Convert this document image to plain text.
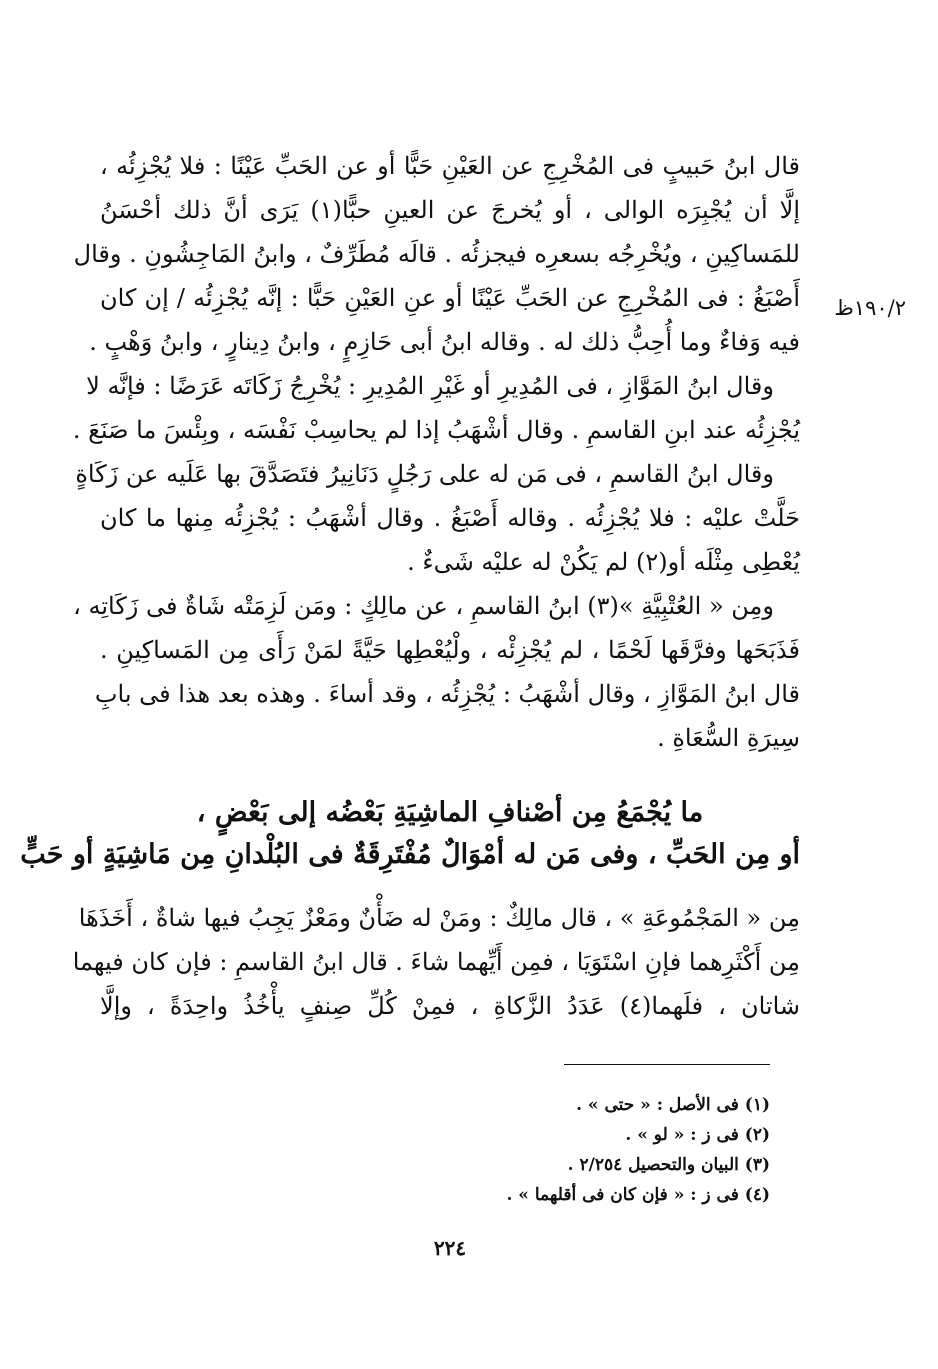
١٩٠/٢ظ
قال ابنُ حَبيبٍ فى المُخْرِجِ عن العَيْنِ حَبًّا أو عن الحَبِّ عَيْنًا : فلا يُجْزِئُه ،
إلَّا أن يُجْبِرَه الوالى ، أو يُخرجَ عن العينِ حبًّا(١) يَرَى أنَّ ذلك أحْسَنُ
للمَساكِينِ ، ويُخْرِجُه بسعرِه فيجزئُه . قالَه مُطَرِّفٌ ، وابنُ المَاجِشُونِ . وقال
أَصْبَغُ : فى المُخْرِجِ عن الحَبِّ عَيْنًا أو عنِ العَيْنِ حَبًّا : إنَّه يُجْزِئُه / إن كان
فيه وَفاءٌ وما أُحِبُّ ذلك له . وقاله ابنُ أبى حَازِمٍ ، وابنُ دِينارٍ ، وابنُ وَهْبٍ .
وقال ابنُ المَوَّازِ ، فى المُدِيرِ أو غَيْرِ المُدِيرِ : يُخْرِجُ زَكَاتَه عَرَضًا : فإنَّه لا
يُجْزِئُه عند ابنِ القاسمِ . وقال أشْهَبُ إذا لم يحاسِبْ نَفْسَه ، وبِئْسَ ما صَنَعَ .
وقال ابنُ القاسمِ ، فى مَن له على رَجُلٍ دَنَانِيرُ فتَصَدَّقَ بها عَلَيه عن زَكَاةٍ
حَلَّتْ عليْه : فلا يُجْزِئُه . وقاله أَصْبَغُ . وقال أشْهَبُ : يُجْزِئُه مِنها ما كان
يُعْطِى مِثْلَه أو(٢) لم يَكُنْ له عليْه شَىءٌ .
ومِن « العُتْبِيَّةِ »(٣) ابنُ القاسمِ ، عن مالِكٍ : ومَن لَزِمَتْه شَاةٌ فى زَكَاتِه ،
فَذَبَحَها وفرَّقَها لَحْمًا ، لم يُجْزِئْه ، ولْيُعْطِها حَيَّةً لمَنْ رَأَى مِن المَساكِينِ .
قال ابنُ المَوَّازِ ، وقال أشْهَبُ : يُجْزِئُه ، وقد أساءَ . وهذه بعد هذا فى بابِ
سِيرَةِ السُّعَاةِ .
ما يُجْمَعُ مِن أصْنافِ الماشِيَةِ بَعْضُه إلى بَعْضٍ ،
أو مِن الحَبِّ ، وفى مَن له أمْوَالٌ مُفْتَرِقَةٌ فى البُلْدانِ مِن مَاشِيَةٍ أو حَبٍّ
مِن « المَجْمُوعَةِ » ، قال مالِكٌ : ومَنْ له ضَأْنٌ ومَعْزٌ يَجِبُ فيها شاةٌ ، أَخَذَهَا
مِن أَكْثَرِهما فإنِ اسْتَوَيَا ، فمِن أَيِّهما شاءَ . قال ابنُ القاسمِ : فإن كان فيهما
شاتان ، فلَهما(٤) عَدَدُ الزَّكاةِ ، فمِنْ كُلِّ صِنفٍ يأْخُذُ واحِدَةً ، وإلَّا
(١) فى الأصل : « حتى » .
(٢) فى ز : « لو » .
(٣) البيان والتحصيل ٢/٢٥٤ .
(٤) فى ز : « فإن كان فى أقلهما » .
٢٢٤
